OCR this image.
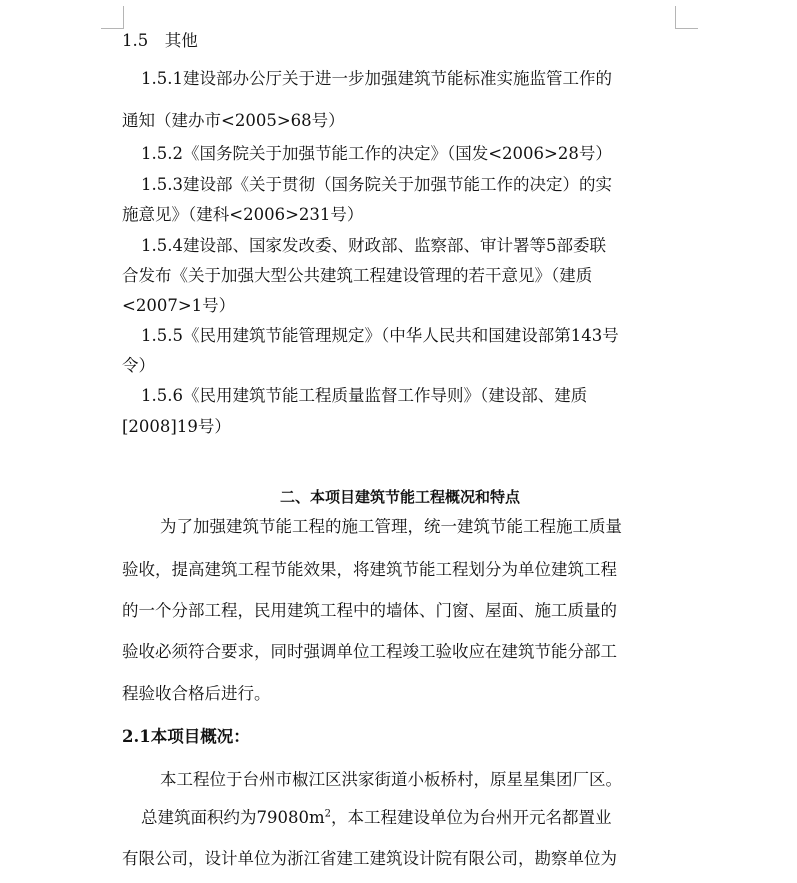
1.5　其他
1.5.1建设部办公厅关于进一步加强建筑节能标准实施监管工作的
通知（建办市<2005>68号）
1.5.2《国务院关于加强节能工作的决定》（国发<2006>28号）
1.5.3建设部《关于贯彻（国务院关于加强节能工作的决定）的实
施意见》（建科<2006>231号）
1.5.4建设部、国家发改委、财政部、监察部、审计署等5部委联
合发布《关于加强大型公共建筑工程建设管理的若干意见》（建质
<2007>1号）
1.5.5《民用建筑节能管理规定》（中华人民共和国建设部第143号
令）
1.5.6《民用建筑节能工程质量监督工作导则》（建设部、建质
[2008]19号）
二、本项目建筑节能工程概况和特点
为了加强建筑节能工程的施工管理，统一建筑节能工程施工质量
验收，提高建筑工程节能效果，将建筑节能工程划分为单位建筑工程
的一个分部工程，民用建筑工程中的墙体、门窗、屋面、施工质量的
验收必须符合要求，同时强调单位工程竣工验收应在建筑节能分部工
程验收合格后进行。
2.1本项目概况：
本工程位于台州市椒江区洪家街道小板桥村，原星星集团厂区。
总建筑面积约为$79080m^2$，本工程建设单位为台州开元名都置业
有限公司，设计单位为浙江省建工建筑设计院有限公司，勘察单位为
